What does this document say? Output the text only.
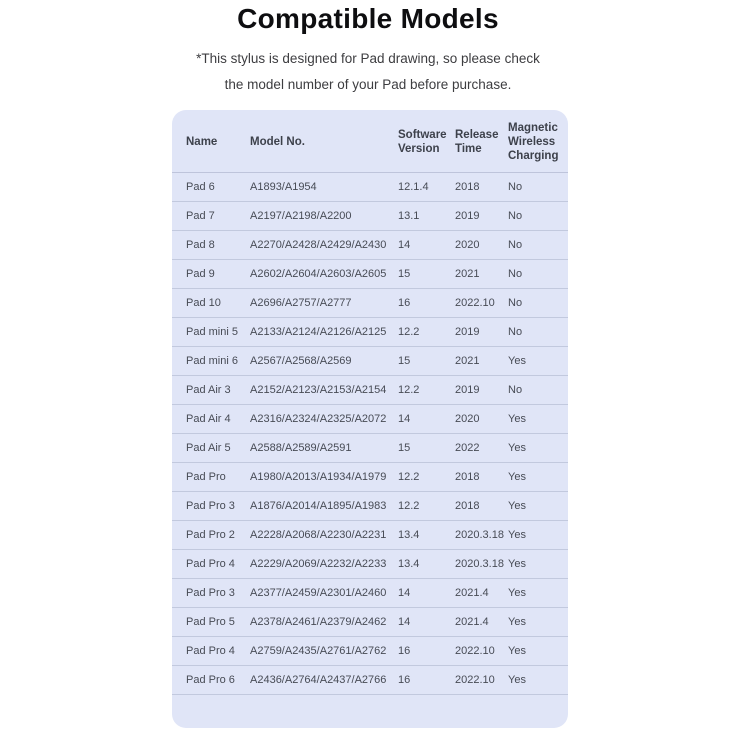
Compatible Models
*This stylus is designed for Pad drawing, so please check
the model number of your Pad before purchase.
Name	Model No.	Software Version	Release Time	Magnetic Wireless Charging
Pad 6	A1893/A1954	12.1.4	2018	No
Pad 7	A2197/A2198/A2200	13.1	2019	No
Pad 8	A2270/A2428/A2429/A2430	14	2020	No
Pad 9	A2602/A2604/A2603/A2605	15	2021	No
Pad 10	A2696/A2757/A2777	16	2022.10	No
Pad mini 5	A2133/A2124/A2126/A2125	12.2	2019	No
Pad mini 6	A2567/A2568/A2569	15	2021	Yes
Pad Air 3	A2152/A2123/A2153/A2154	12.2	2019	No
Pad Air 4	A2316/A2324/A2325/A2072	14	2020	Yes
Pad Air 5	A2588/A2589/A2591	15	2022	Yes
Pad Pro	A1980/A2013/A1934/A1979	12.2	2018	Yes
Pad Pro 3	A1876/A2014/A1895/A1983	12.2	2018	Yes
Pad Pro 2	A2228/A2068/A2230/A2231	13.4	2020.3.18	Yes
Pad Pro 4	A2229/A2069/A2232/A2233	13.4	2020.3.18	Yes
Pad Pro 3	A2377/A2459/A2301/A2460	14	2021.4	Yes
Pad Pro 5	A2378/A2461/A2379/A2462	14	2021.4	Yes
Pad Pro 4	A2759/A2435/A2761/A2762	16	2022.10	Yes
Pad Pro 6	A2436/A2764/A2437/A2766	16	2022.10	Yes
